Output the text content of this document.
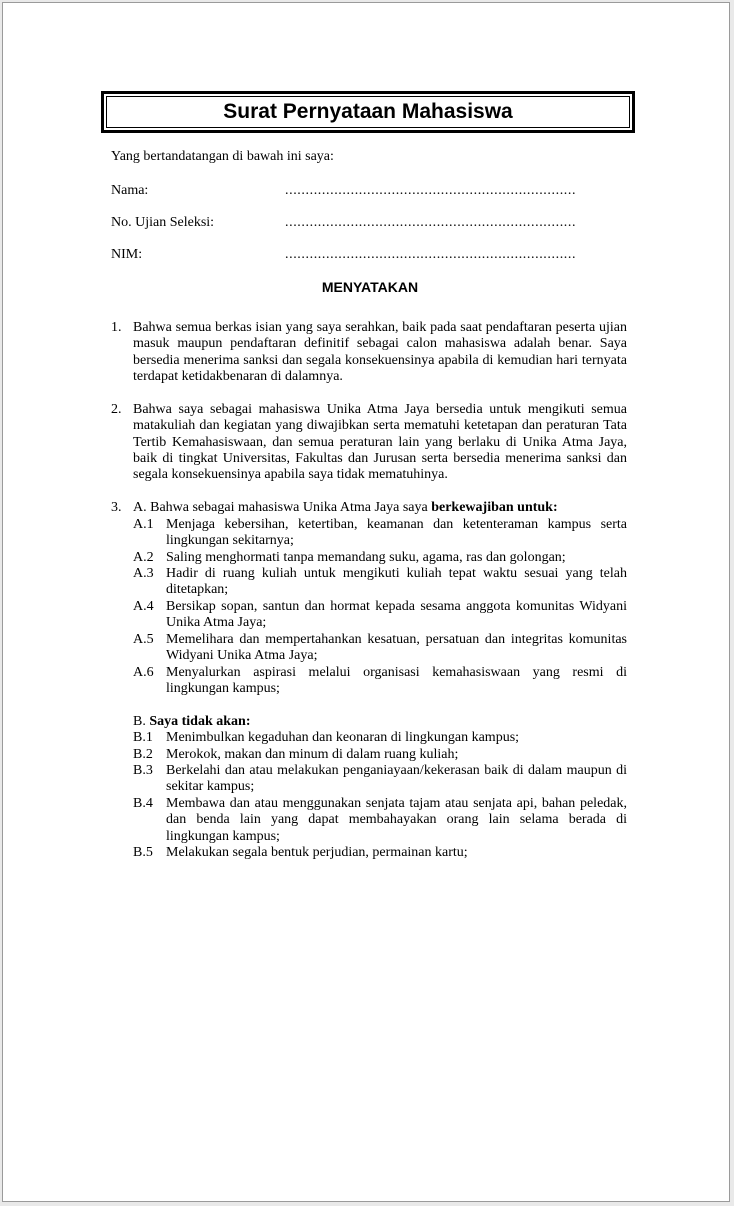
Surat Pernyataan Mahasiswa
Yang bertandatangan di bawah ini saya:
Nama:	.......................................................................
No. Ujian Seleksi:	.......................................................................
NIM:	.......................................................................
MENYATAKAN
1. Bahwa semua berkas isian yang saya serahkan, baik pada saat pendaftaran peserta ujian masuk maupun pendaftaran definitif sebagai calon mahasiswa adalah benar. Saya bersedia menerima sanksi dan segala konsekuensinya apabila di kemudian hari ternyata terdapat ketidakbenaran di dalamnya.
2. Bahwa saya sebagai mahasiswa Unika Atma Jaya bersedia untuk mengikuti semua matakuliah dan kegiatan yang diwajibkan serta mematuhi ketetapan dan peraturan Tata Tertib Kemahasiswaan, dan semua peraturan lain yang berlaku di Unika Atma Jaya, baik di tingkat Universitas, Fakultas dan Jurusan serta bersedia menerima sanksi dan segala konsekuensinya apabila saya tidak mematuhinya.
3. A. Bahwa sebagai mahasiswa Unika Atma Jaya saya berkewajiban untuk:
A.1 Menjaga kebersihan, ketertiban, keamanan dan ketenteraman kampus serta lingkungan sekitarnya;
A.2 Saling menghormati tanpa memandang suku, agama, ras dan golongan;
A.3 Hadir di ruang kuliah untuk mengikuti kuliah tepat waktu sesuai yang telah ditetapkan;
A.4 Bersikap sopan, santun dan hormat kepada sesama anggota komunitas Widyani Unika Atma Jaya;
A.5 Memelihara dan mempertahankan kesatuan, persatuan dan integritas komunitas Widyani Unika Atma Jaya;
A.6 Menyalurkan aspirasi melalui organisasi kemahasiswaan yang resmi di lingkungan kampus;
B. Saya tidak akan:
B.1 Menimbulkan kegaduhan dan keonaran di lingkungan kampus;
B.2 Merokok, makan dan minum di dalam ruang kuliah;
B.3 Berkelahi dan atau melakukan penganiayaan/kekerasan baik di dalam maupun di sekitar kampus;
B.4 Membawa dan atau menggunakan senjata tajam atau senjata api, bahan peledak, dan benda lain yang dapat membahayakan orang lain selama berada di lingkungan kampus;
B.5 Melakukan segala bentuk perjudian, permainan kartu;
